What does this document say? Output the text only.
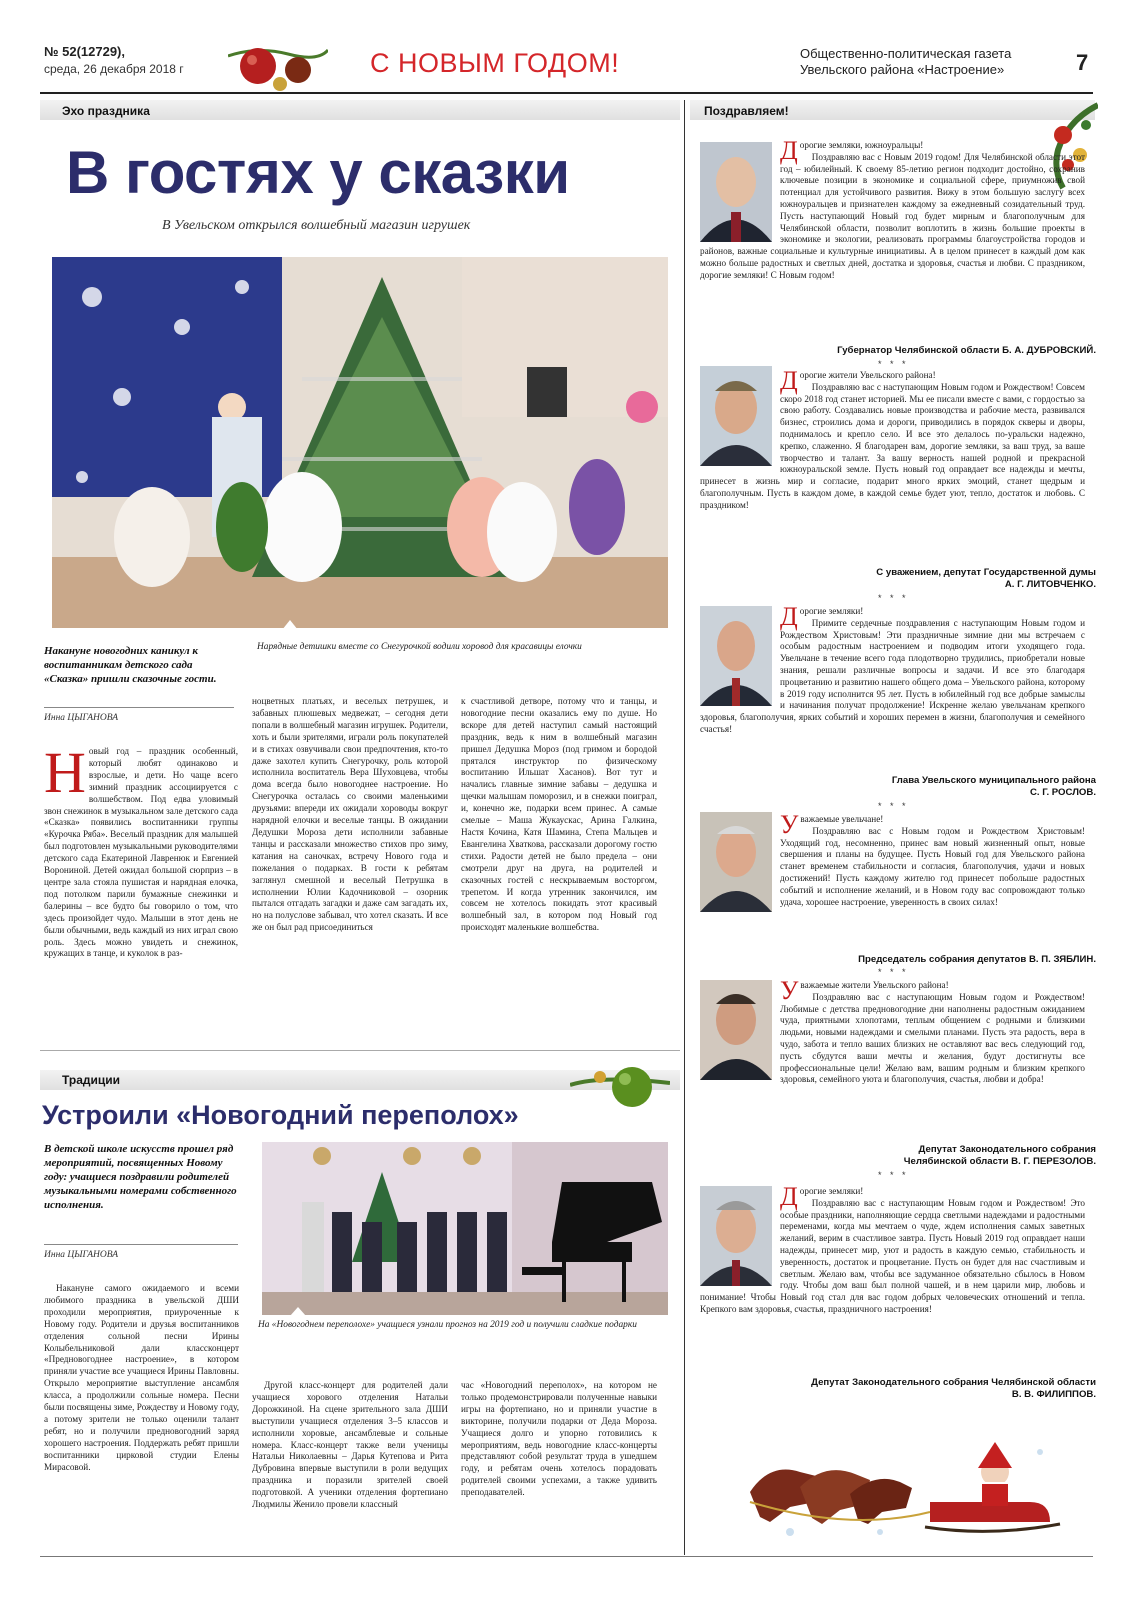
№ 52(12729),
среда, 26 декабря 2018 г	С НОВЫМ ГОДОМ!	Общественно-политическая газета
Увельского района «Настроение»	7
Эхо праздника
В гостях у сказки
В Увельском открылся волшебный магазин игрушек
Накануне новогодних каникул к воспитанникам детского сада «Сказка» пришли сказочные гости.
Нарядные детишки вместе со Снегурочкой водили хоровод для красавицы елочки
Инна ЦЫГАНОВА
Новый год – праздник особенный, который любят одинаково и взрослые, и дети. Но чаще всего зимний праздник ассоциируется с волшебством. Под едва уловимый звон снежинок в музыкальном зале детского сада «Сказка» появились воспитанники группы «Курочка Ряба». Веселый праздник для малышей был подготовлен музыкальными руководителями детского сада Екатериной Лавренюк и Евгенией Ворониной. Детей ожидал большой сюрприз – в центре зала стояла пушистая и нарядная елочка, под потолком парили бумажные снежинки и балерины – все будто бы говорило о том, что здесь произойдет чудо. Малыши в этот день не были обычными, ведь каждый из них играл свою роль. Здесь можно увидеть и снежинок, кружащих в танце, и куколок в раз-
ноцветных платьях, и веселых петрушек, и забавных плюшевых медвежат, – сегодня дети попали в волшебный магазин игрушек. Родители, хоть и были зрителями, играли роль покупателей и в стихах озвучивали свои предпочтения, кто-то даже захотел купить Снегурочку, роль которой исполнила воспитатель Вера Шуховцева, чтобы дома всегда было новогоднее настроение. Но Снегурочка осталась со своими маленькими друзьями: впереди их ожидали хороводы вокруг нарядной елочки и веселые танцы. В ожидании Дедушки Мороза дети исполнили забавные танцы и рассказали множество стихов про зиму, катания на саночках, встречу Нового года и пожелания о подарках. В гости к ребятам заглянул смешной и веселый Петрушка в исполнении Юлии Кадочниковой – озорник пытался отгадать загадки и даже сам загадать их, но на полуслове забывал, что хотел сказать. И все же он был рад присоединиться
к счастливой детворе, потому что и танцы, и новогодние песни оказались ему по душе. Но вскоре для детей наступил самый настоящий праздник, ведь к ним в волшебный магазин пришел Дедушка Мороз (под гримом и бородой прятался инструктор по физическому воспитанию Ильшат Хасанов). Вот тут и начались главные зимние забавы – дедушка и щечки малышам поморозил, и в снежки поиграл, и, конечно же, подарки всем принес. А самые смелые – Маша Жукаускас, Арина Галкина, Настя Кочина, Катя Шамина, Степа Мальцев и Евангелина Хваткова, рассказали дорогому гостю стихи. Радости детей не было предела – они смотрели друг на друга, на родителей и сказочных гостей с нескрываемым восторгом, трепетом. И когда утренник закончился, им совсем не хотелось покидать этот красивый волшебный зал, в котором под Новый год происходят маленькие волшебства.
Традиции
Устроили «Новогодний переполох»
В детской школе искусств прошел ряд мероприятий, посвященных Новому году: учащиеся поздравили родителей музыкальными номерами собственного исполнения.
Инна ЦЫГАНОВА
На «Новогоднем переполохе» учащиеся узнали прогноз на 2019 год и получили сладкие подарки
Накануне самого ожидаемого и всеми любимого праздника в увельской ДШИ проходили мероприятия, приуроченные к Новому году. Родители и друзья воспитанников отделения сольной песни Ирины Колыбельниковой дали классконцерт «Предновогоднее настроение», в котором приняли участие все учащиеся Ирины Павловны. Открыло мероприятие выступление ансамбля класса, а продолжили сольные номера. Песни были посвящены зиме, Рождеству и Новому году, а потому зрители не только оценили талант ребят, но и получили предновогодний заряд хорошего настроения. Поддержать ребят пришли воспитанники цирковой студии Елены Мирасовой.
Другой класс-концерт для родителей дали учащиеся хорового отделения Натальи Дорожкиной. На сцене зрительного зала ДШИ выступили учащиеся отделения 3–5 классов и исполнили хоровые, ансамблевые и сольные номера. Класс-концерт также вели ученицы Натальи Николаевны – Дарья Кутепова и Рита Дубровина впервые выступили в роли ведущих праздника и поразили зрителей своей подготовкой. А ученики отделения фортепиано Людмилы Женило провели классный
час «Новогодний переполох», на котором не только продемонстрировали полученные навыки игры на фортепиано, но и приняли участие в викторине, получили подарки от Деда Мороза. Учащиеся долго и упорно готовились к мероприятиям, ведь новогодние класс-концерты представляют собой результат труда в ушедшем году, и ребятам очень хотелось порадовать родителей своими успехами, а также удивить преподавателей.
Поздравляем!

Дорогие земляки, южноуральцы!

Поздравляю вас с Новым 2019 годом! Для Челябинской области этот год – юбилейный. К своему 85-летию регион подходит достойно, сохранив ключевые позиции в экономике и социальной сфере, приумножив свой потенциал для устойчивого развития. Вижу в этом большую заслугу всех южноуральцев и признателен каждому за ежедневный созидательный труд. Пусть наступающий Новый год будет мирным и благополучным для Челябинской области, позволит воплотить в жизнь большие проекты в экономике и экологии, реализовать программы благоустройства городов и районов, важные социальные и культурные инициативы. А в целом принесет в каждый дом как можно больше радостных и светлых дней, достатка и здоровья, счастья и любви. С праздником, дорогие земляки! С Новым годом!

Губернатор Челябинской области Б. А. ДУБРОВСКИЙ.
* * *

Дорогие жители Увельского района!

Поздравляю вас с наступающим Новым годом и Рождеством! Совсем скоро 2018 год станет историей. Мы ее писали вместе с вами, с гордостью за свою работу. Создавались новые производства и рабочие места, развивался бизнес, строились дома и дороги, приводились в порядок скверы и дворы, поднималось и крепло село. И все это делалось по-уральски надежно, крепко, слаженно. Я благодарен вам, дорогие земляки, за ваш труд, за ваше творчество и талант. За вашу верность нашей родной и прекрасной южноуральской земле. Пусть новый год оправдает все надежды и мечты, принесет в жизнь мир и согласие, подарит много ярких эмоций, станет щедрым и благополучным. Пусть в каждом доме, в каждой семье будет уют, тепло, достаток и любовь. С праздником!

С уважением, депутат Государственной думы
А. Г. ЛИТОВЧЕНКО.
* * *

Дорогие земляки!

Примите сердечные поздравления с наступающим Новым годом и Рождеством Христовым! Эти праздничные зимние дни мы встречаем с особым радостным настроением и подводим итоги уходящего года. Увельчане в течение всего года плодотворно трудились, приобретали новые знания, решали различные вопросы и задачи. И все это благодаря процветанию и развитию нашего общего дома – Увельского района, которому в 2019 году исполнится 95 лет. Пусть в юбилейный год все добрые замыслы и начинания получат продолжение! Искренне желаю увельчанам крепкого здоровья, благополучия, ярких событий и хороших перемен в жизни, благополучия и семейного счастья!

Глава Увельского муниципального района
С. Г. РОСЛОВ.
* * *

Уважаемые увельчане!

Поздравляю вас с Новым годом и Рождеством Христовым! Уходящий год, несомненно, принес вам новый жизненный опыт, новые свершения и планы на будущее. Пусть Новый год для Увельского района станет временем стабильности и согласия, благополучия, удачи и новых достижений! Пусть каждому жителю год принесет побольше радостных событий и исполнение желаний, и в Новом году вас сопровождают только удача, хорошее настроение, уверенность в своих силах!

Председатель собрания депутатов В. П. ЗЯБЛИН.
* * *

Уважаемые жители Увельского района!

Поздравляю вас с наступающим Новым годом и Рождеством! Любимые с детства предновогодние дни наполнены радостным ожиданием чуда, приятными хлопотами, теплым общением с родными и близкими людьми, новыми надеждами и смелыми планами. Пусть эта радость, вера в чудо, забота и тепло ваших близких не оставляют вас весь следующий год, пусть сбудутся ваши мечты и желания, будут достигнуты все профессиональные цели! Желаю вам, вашим родным и близким крепкого здоровья, семейного уюта и благополучия, счастья, любви и добра!

Депутат Законодательного собрания
Челябинской области В. Г. ПЕРЕЗОЛОВ.
* * *

Дорогие земляки!

Поздравляю вас с наступающим Новым годом и Рождеством! Это особые праздники, наполняющие сердца светлыми надеждами и радостными переменами, когда мы мечтаем о чуде, ждем исполнения самых заветных желаний, верим в счастливое завтра. Пусть Новый 2019 год оправдает наши надежды, принесет мир, уют и радость в каждую семью, стабильность и уверенность, достаток и процветание. Пусть он будет для нас счастливым и светлым. Желаю вам, чтобы все задуманное обязательно сбылось в Новом году. Чтобы дом ваш был полной чашей, и в нем царили мир, любовь и понимание! Чтобы Новый год стал для вас годом добрых человеческих отношений и тепла. Крепкого вам здоровья, счастья, праздничного настроения!

Депутат Законодательного собрания Челябинской области
В. В. ФИЛИППОВ.
